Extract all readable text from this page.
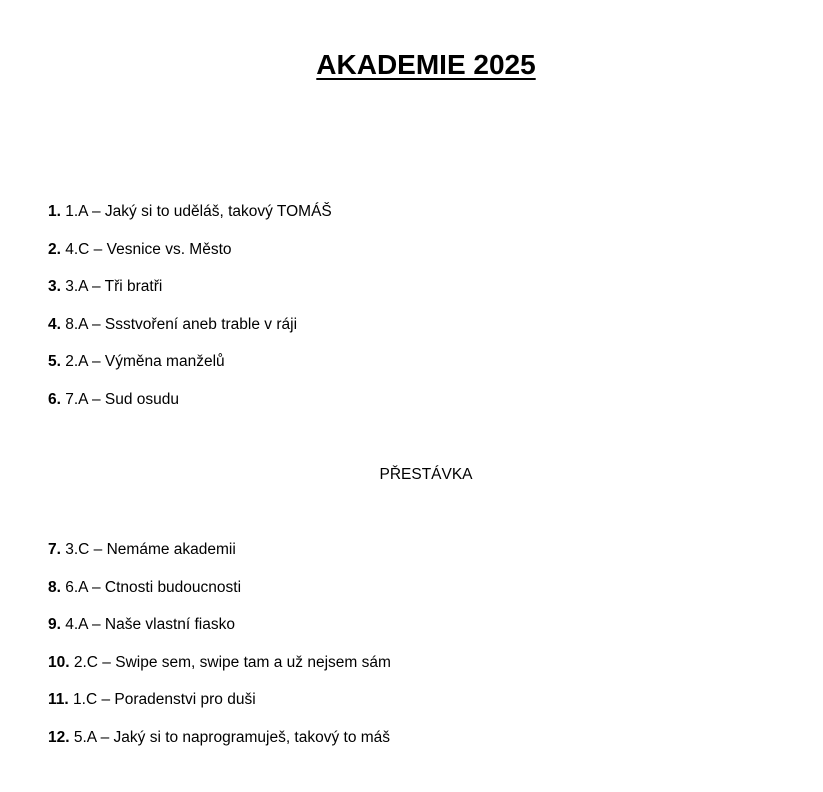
AKADEMIE 2025
1. 1.A – Jaký si to uděláš, takový TOMÁŠ
2. 4.C – Vesnice vs. Město
3. 3.A – Tři bratři
4. 8.A – Ssstvoření aneb trable v ráji
5. 2.A – Výměna manželů
6. 7.A – Sud osudu
PŘESTÁVKA
7. 3.C – Nemáme akademii
8. 6.A – Ctnosti budoucnosti
9. 4.A – Naše vlastní fiasko
10. 2.C – Swipe sem, swipe tam a už nejsem sám
11. 1.C – Poradenstvi pro duši
12. 5.A – Jaký si to naprogramuješ, takový to máš
